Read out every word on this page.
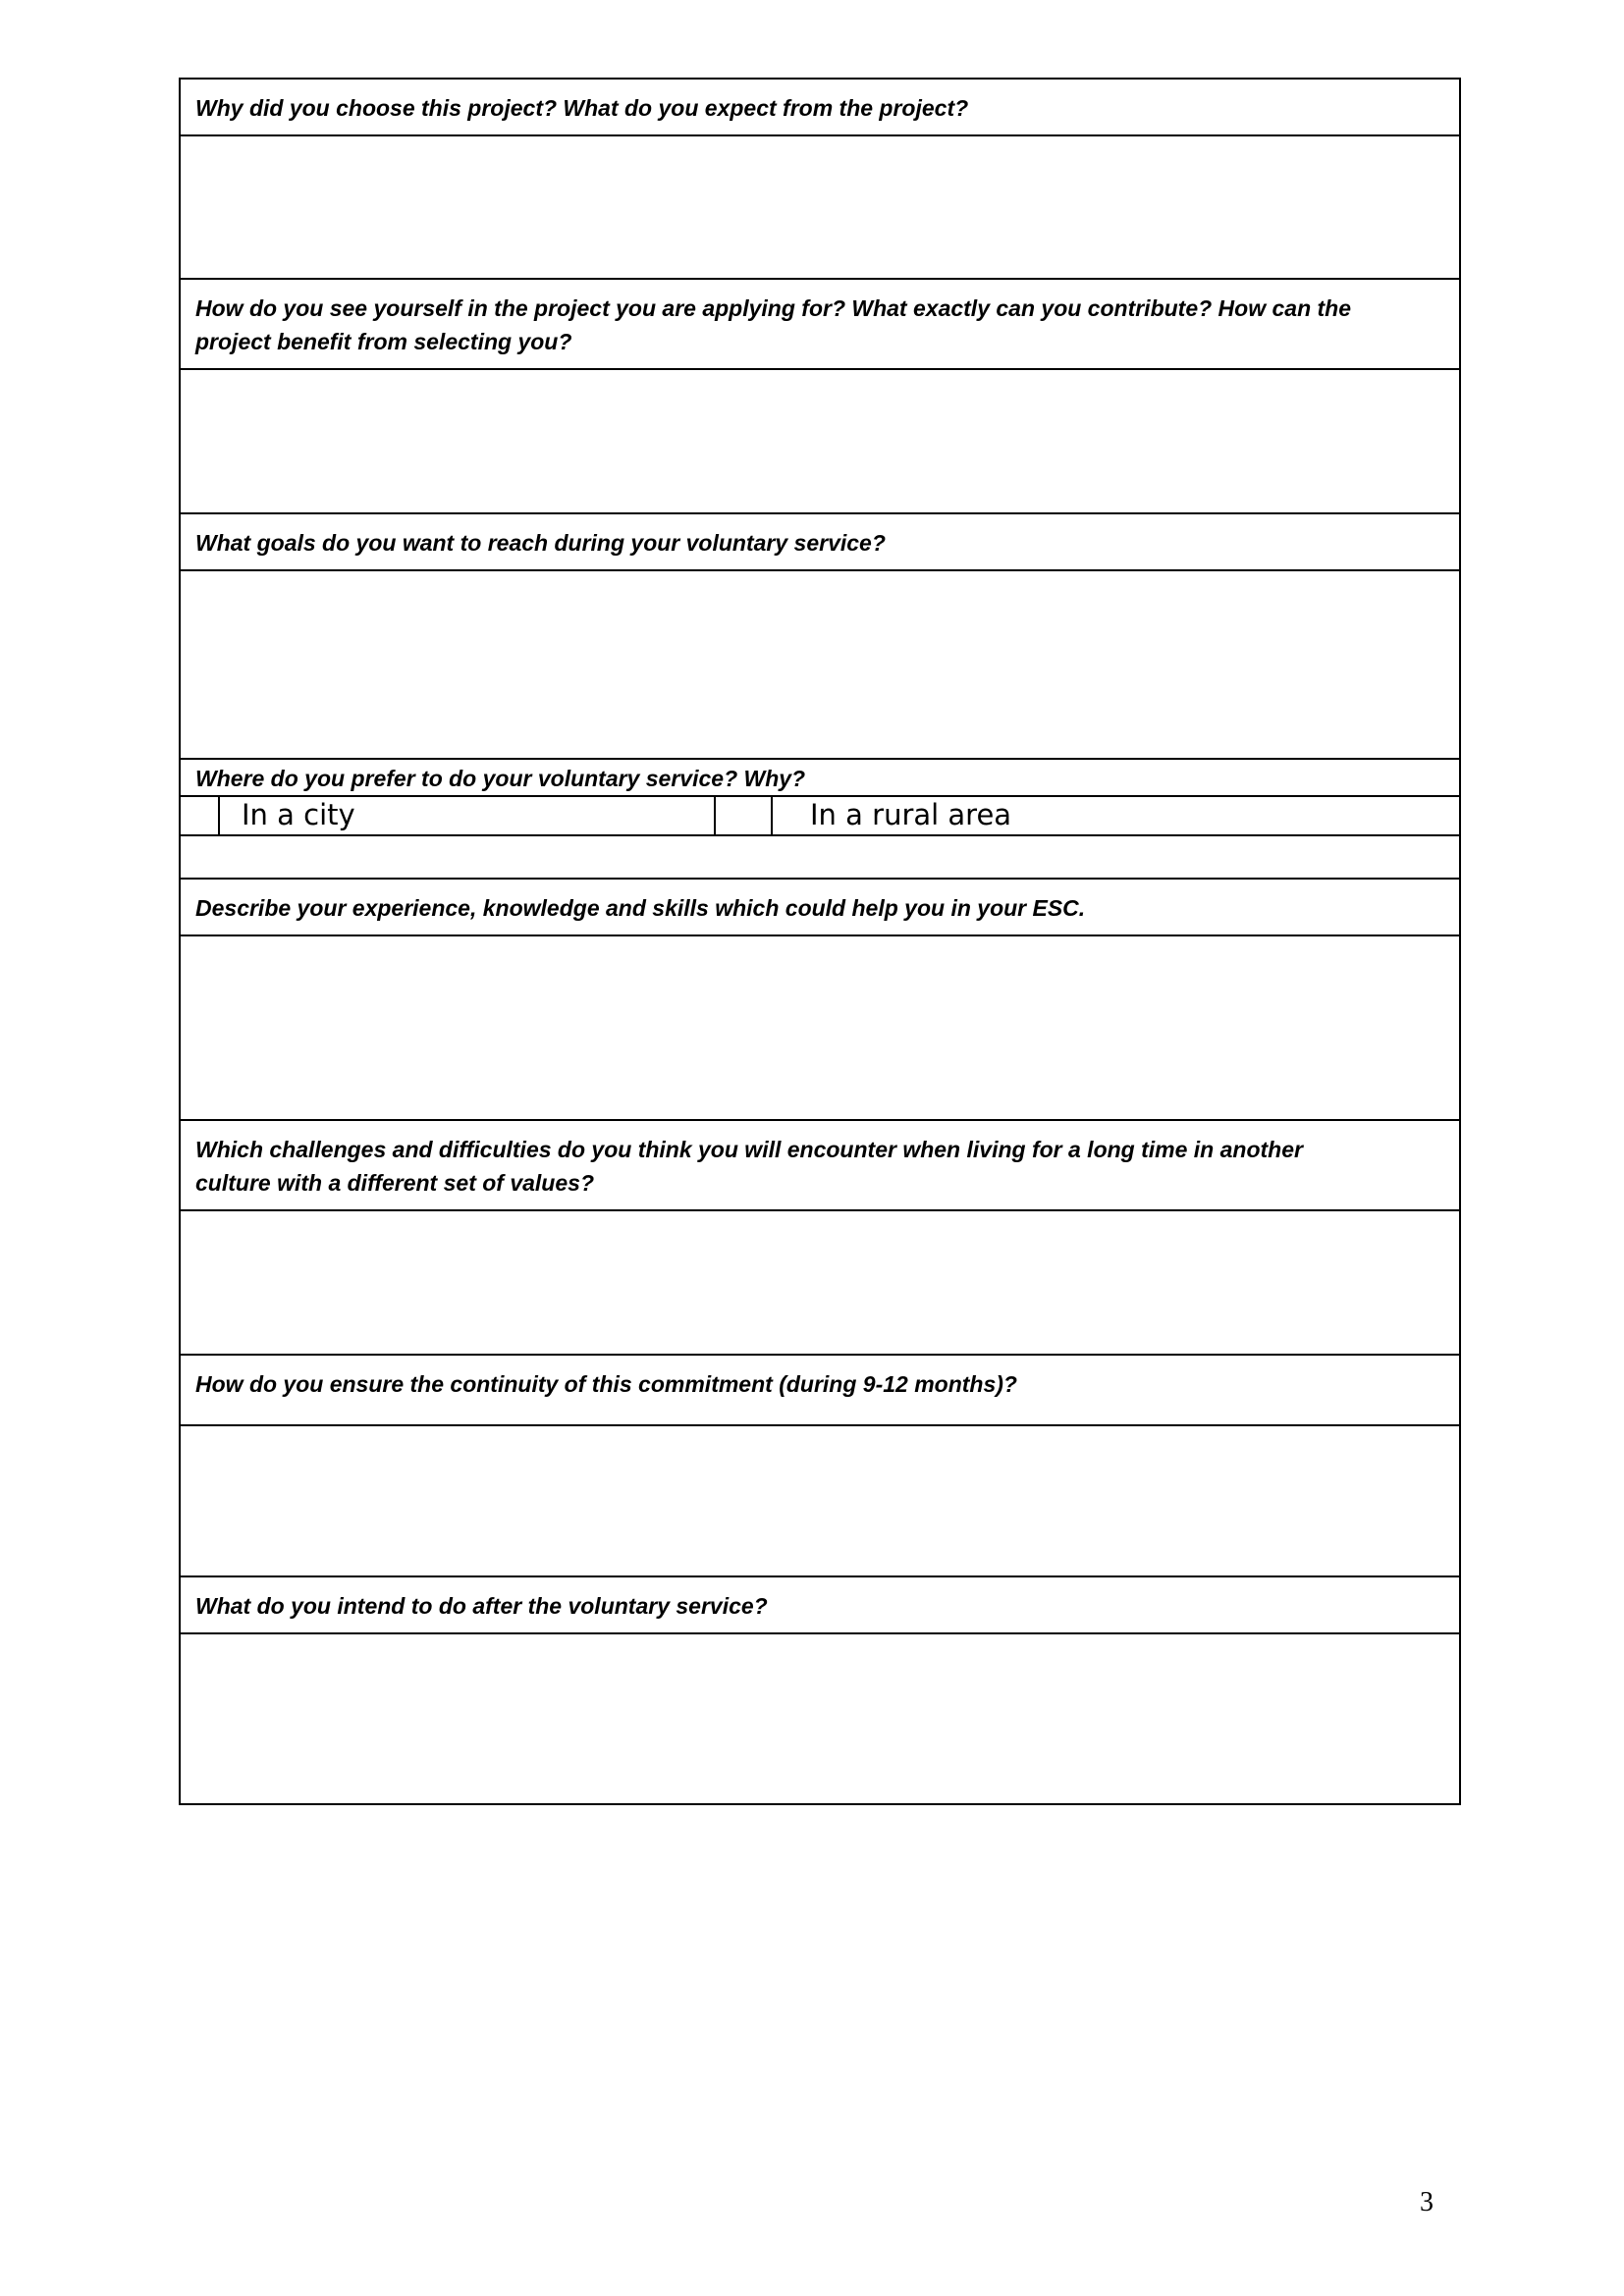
Why did you choose this project? What do you expect from the project?

How do you see yourself in the project you are applying for? What exactly can you contribute? How can the
project benefit from selecting you?

What goals do you want to reach during your voluntary service?

Where do you prefer to do your voluntary service? Why?
	In a city		In a rural area

Describe your experience, knowledge and skills which could help you in your ESC.

Which challenges and difficulties do you think you will encounter when living for a long time in another
culture with a different set of values?

How do you ensure the continuity of this commitment (during 9-12 months)?

What do you intend to do after the voluntary service?

3
